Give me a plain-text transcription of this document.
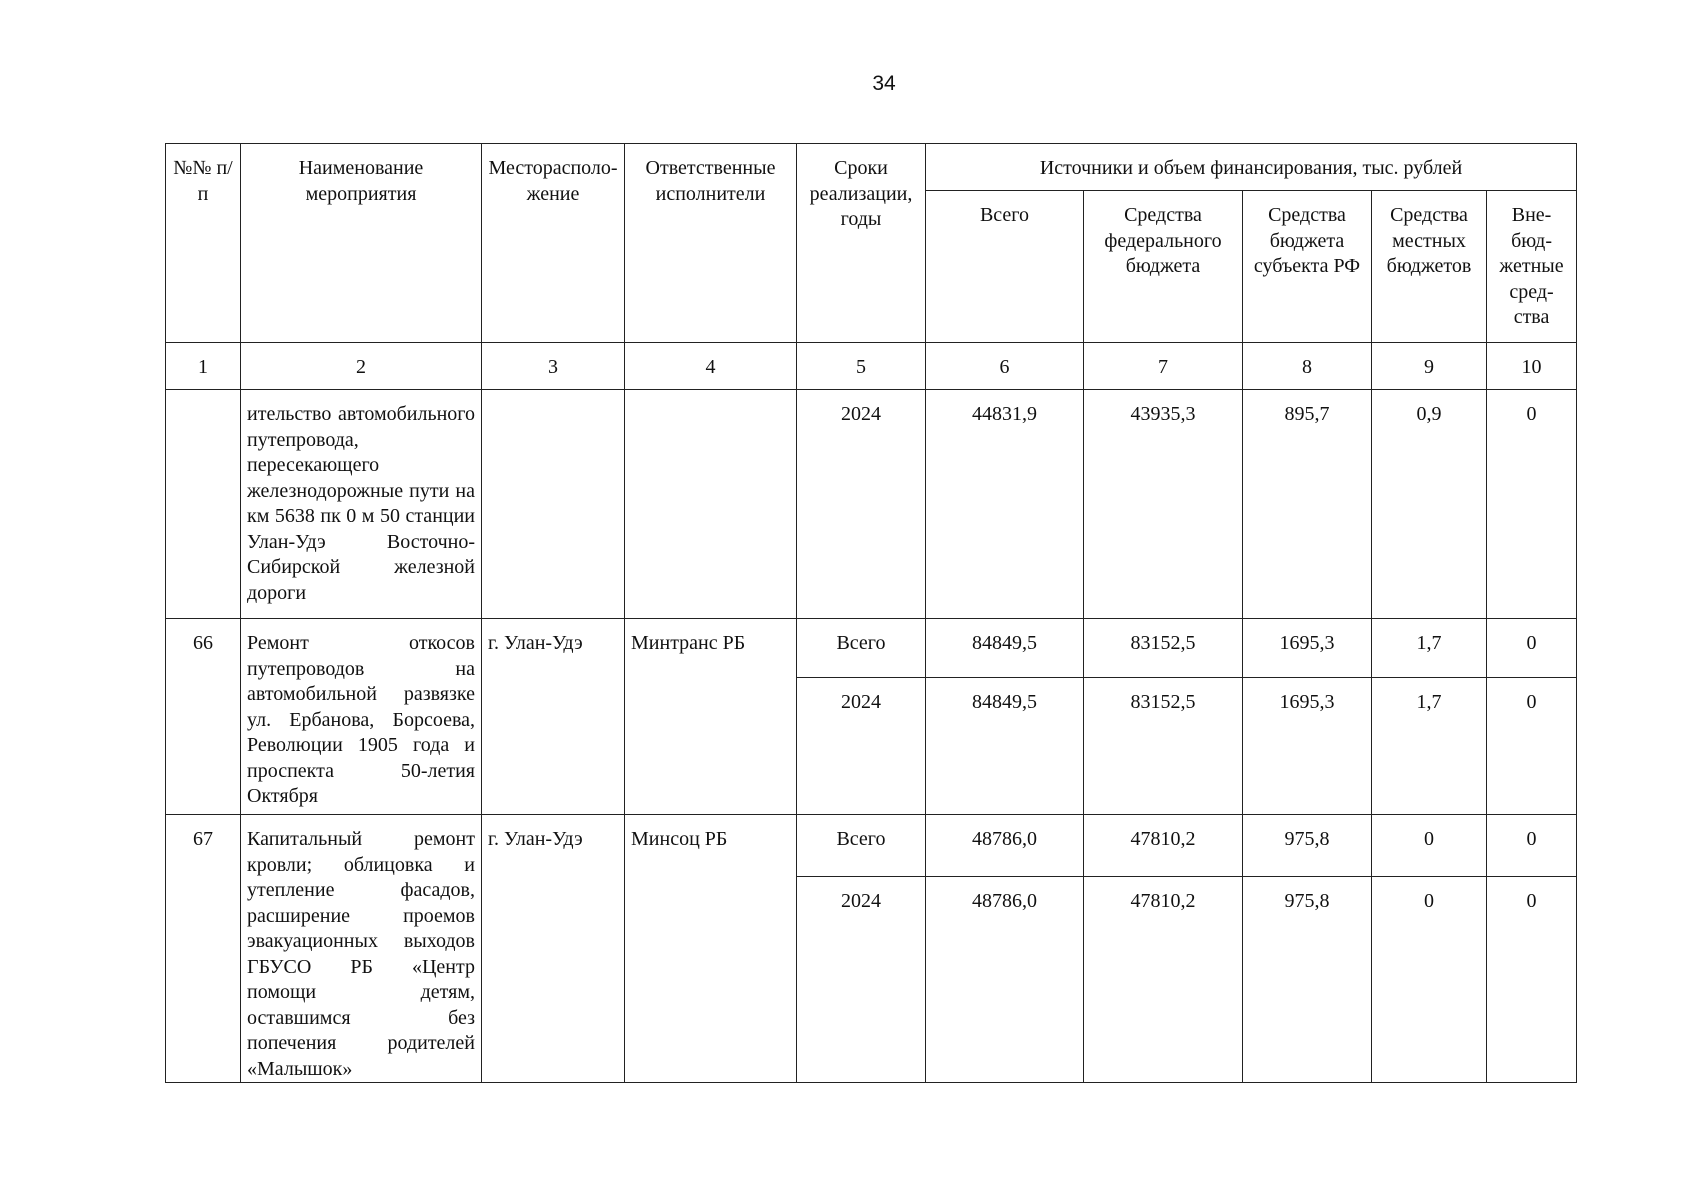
34
№№ п/п	Наименование мероприятия	Месторасполо-жение	Ответственные исполнители	Сроки реализации, годы	Источники и объем финансирования, тыс. рублей				
					Всего	Средства федерального бюджета	Средства бюджета субъекта РФ	Средства местных бюджетов	Вне-бюд-жетные сред-ства
1	2	3	4	5	6	7	8	9	10
	ительство автомобильного путепровода, пересекающего железнодорожные пути на км 5638 пк 0 м 50 станции Улан-Удэ Восточно-Сибирской железной дороги			2024	44831,9	43935,3	895,7	0,9	0
66	Ремонт откосов путепроводов на автомобильной развязке ул. Ербанова, Борсоева, Революции 1905 года и проспекта 50-летия Октября	г. Улан-Удэ	Минтранс РБ	Всего	84849,5	83152,5	1695,3	1,7	0
				2024	84849,5	83152,5	1695,3	1,7	0
67	Капитальный ремонт кровли; облицовка и утепление фасадов, расширение проемов эвакуационных выходов ГБУСО РБ «Центр помощи детям, оставшимся без попечения родителей «Малышок»	г. Улан-Удэ	Минсоц РБ	Всего	48786,0	47810,2	975,8	0	0
				2024	48786,0	47810,2	975,8	0	0
